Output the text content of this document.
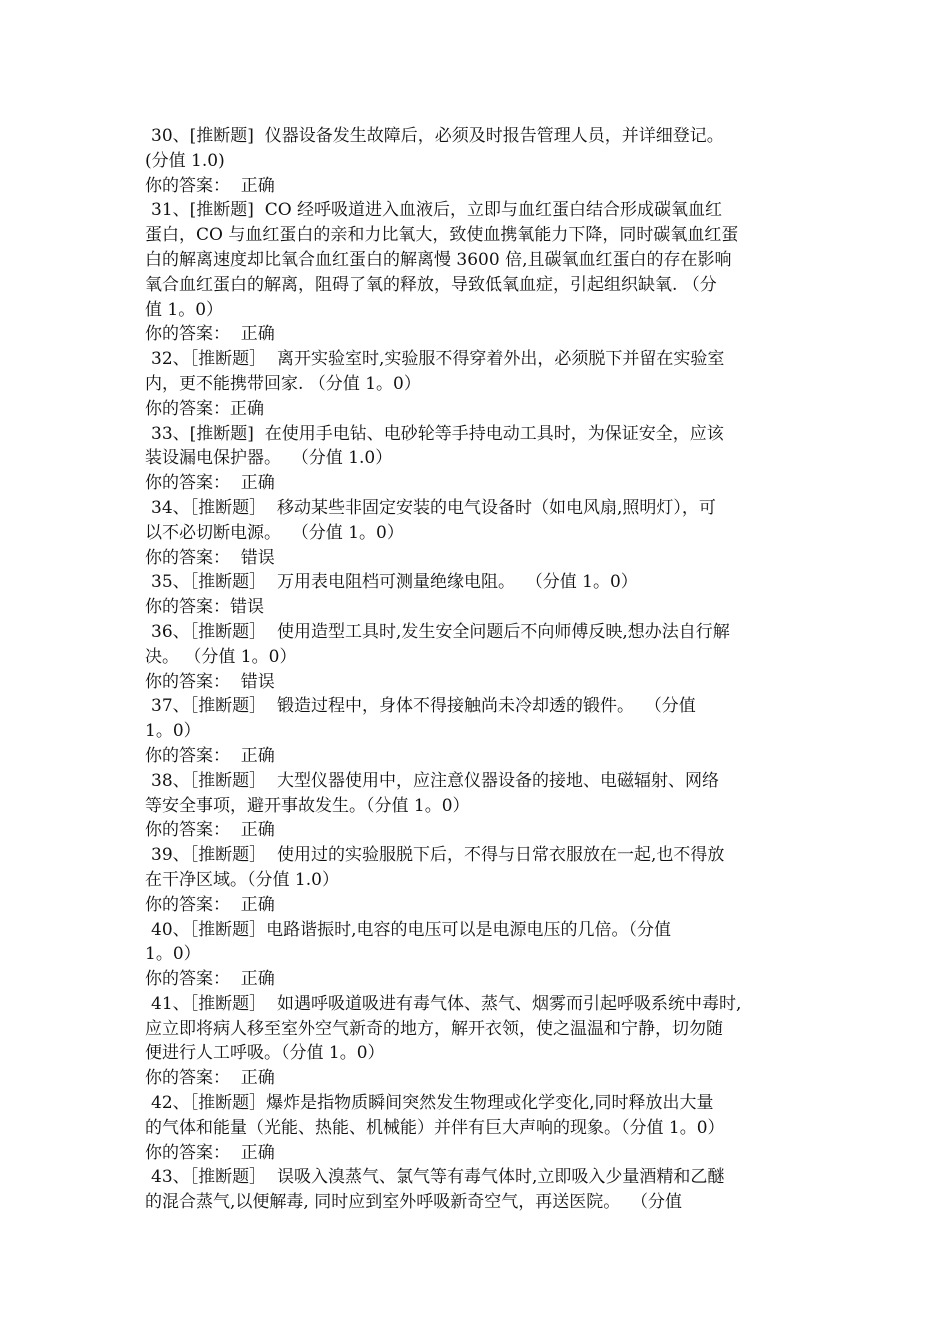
30、[推断题]  仪器设备发生故障后，必须及时报告管理人员，并详细登记。
(分值 1.0)
你的答案：  正确
31、[推断题]  CO 经呼吸道进入血液后，立即与血红蛋白结合形成碳氧血红
蛋白，CO 与血红蛋白的亲和力比氧大，致使血携氧能力下降，同时碳氧血红蛋
白的解离速度却比氧合血红蛋白的解离慢 3600 倍,且碳氧血红蛋白的存在影响
氧合血红蛋白的解离，阻碍了氧的释放，导致低氧血症，引起组织缺氧. （分
值 1。0）
你的答案：  正确
32、［推断题］  离开实验室时,实验服不得穿着外出，必须脱下并留在实验室
内，更不能携带回家. （分值 1。0）
你的答案：正确
33、[推断题]  在使用手电钻、电砂轮等手持电动工具时，为保证安全，应该
装设漏电保护器。  （分值 1.0）
你的答案：  正确
34、［推断题］  移动某些非固定安装的电气设备时（如电风扇,照明灯），可
以不必切断电源。  （分值 1。0）
你的答案：  错误
35、［推断题］  万用表电阻档可测量绝缘电阻。  （分值 1。0）
你的答案：错误
36、［推断题］  使用造型工具时,发生安全问题后不向师傅反映,想办法自行解
决。 （分值 1。0）
你的答案：  错误
37、［推断题］  锻造过程中，身体不得接触尚未冷却透的锻件。  （分值
1。0）
你的答案：  正确
38、［推断题］  大型仪器使用中，应注意仪器设备的接地、电磁辐射、网络
等安全事项，避开事故发生。（分值 1。0）
你的答案：  正确
39、［推断题］  使用过的实验服脱下后，不得与日常衣服放在一起,也不得放
在干净区域。（分值 1.0）
你的答案：  正确
40、［推断题］电路谐振时,电容的电压可以是电源电压的几倍。（分值
1。0）
你的答案：  正确
41、［推断题］  如遇呼吸道吸进有毒气体、蒸气、烟雾而引起呼吸系统中毒时,
应立即将病人移至室外空气新奇的地方，解开衣领，使之温温和宁静，切勿随
便进行人工呼吸。（分值 1。0）
你的答案：  正确
42、［推断题］爆炸是指物质瞬间突然发生物理或化学变化,同时释放出大量
的气体和能量（光能、热能、机械能）并伴有巨大声响的现象。（分值 1。0）
你的答案：  正确
43、［推断题］  误吸入溴蒸气、氯气等有毒气体时,立即吸入少量酒精和乙醚
的混合蒸气,以便解毒, 同时应到室外呼吸新奇空气，再送医院。  （分值
